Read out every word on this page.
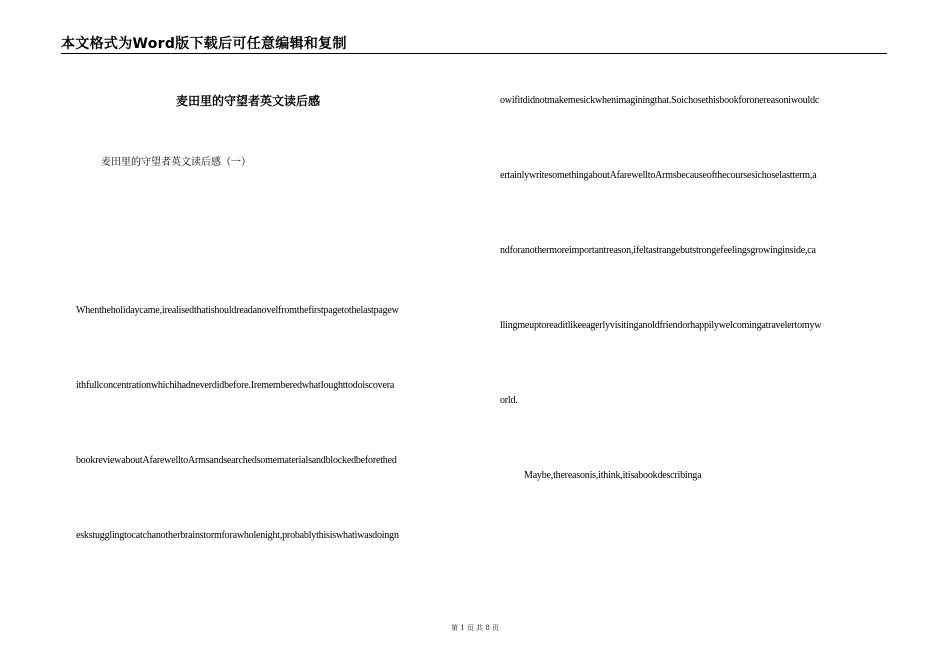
本文格式为Word版下载后可任意编辑和复制
麦田里的守望者英文读后感
麦田里的守望者英文读后感（一）
Whentheholidaycame,irealisedthatishouldreadanovelfromthefirstpagetothelastpagew
ithfullconcentrationwhichihadneverdidbefore.IrememberedwhatIoughttodoiscovera
bookreviewaboutAfarewelltoArmsandsearchedsomematerialsandblockedbeforethed
eskstugglingtocatchanotherbrainstormforawholenight,probablythisiswhatiwasdoingn
owifitdidnotmakemesickwhenimaginingthat.Soichosethisbookforonereasoniwouldc
ertainlywritesomethingaboutAfarewelltoArmsbecauseofthecoursesichoselastterm,a
ndforanothermoreimportantreason,ifeltastrangebutstrongefeelingsgrowinginside,ca
llingmeuptoreaditlikeeagerlyvisitinganoldfriendorhappilywelcomingatravelertomyw
orld.
Maybe,thereasonis,ithink,itisabookdescribinga
第 1 页 共 8 页
